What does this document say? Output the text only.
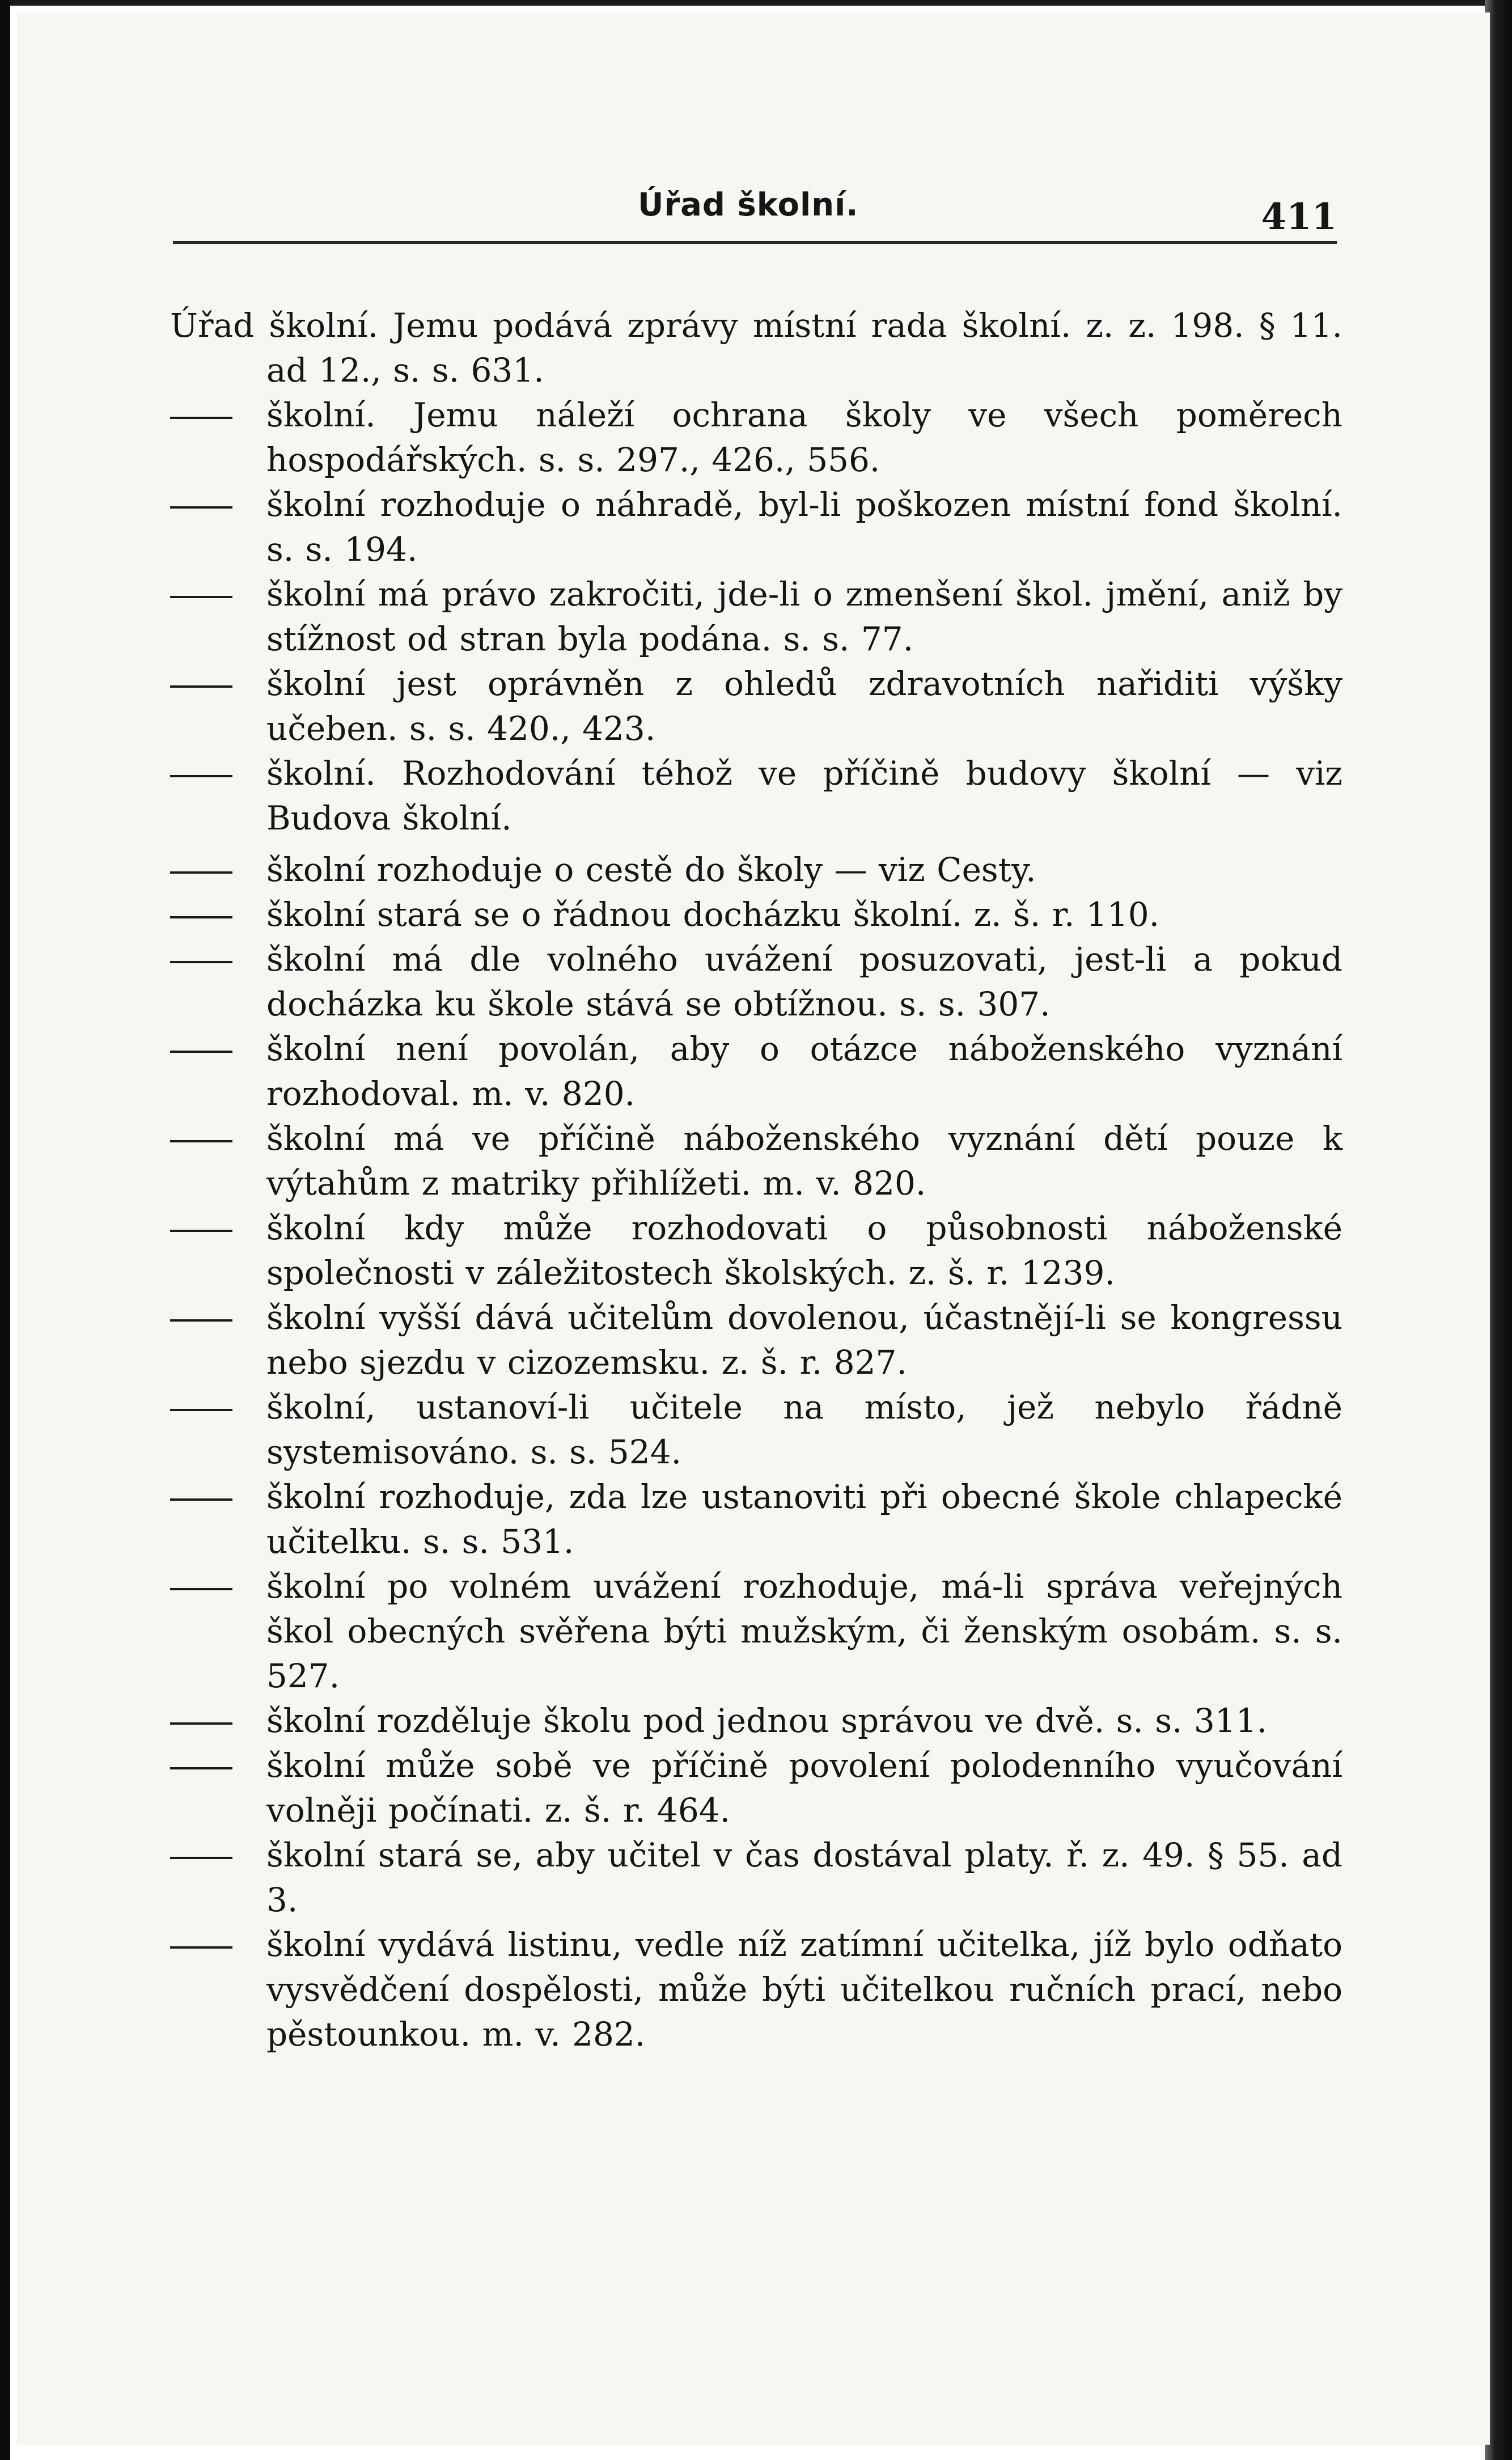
Úřad školní.	411
Úřad školní. Jemu podává zprávy místní rada školní. z. z. 198. § 11. ad 12., s. s. 631.
školní. Jemu náleží ochrana školy ve všech poměrech hospodářských. s. s. 297., 426., 556.
školní rozhoduje o náhradě, byl-li poškozen místní fond školní. s. s. 194.
školní má právo zakročiti, jde-li o zmenšení škol. jmění, aniž by stížnost od stran byla podána. s. s. 77.
školní jest oprávněn z ohledů zdravotních nařiditi výšky učeben. s. s. 420., 423.
školní. Rozhodování téhož ve příčině budovy školní — viz Budova školní.
školní rozhoduje o cestě do školy — viz Cesty.
školní stará se o řádnou docházku školní. z. š. r. 110.
školní má dle volného uvážení posuzovati, jest-li a pokud docházka ku škole stává se obtížnou. s. s. 307.
školní není povolán, aby o otázce náboženského vyznání rozhodoval. m. v. 820.
školní má ve příčině náboženského vyznání dětí pouze k výtahům z matriky přihlížeti. m. v. 820.
školní kdy může rozhodovati o působnosti náboženské společnosti v záležitostech školských. z. š. r. 1239.
školní vyšší dává učitelům dovolenou, účastnějí-li se kongressu nebo sjezdu v cizozemsku. z. š. r. 827.
školní, ustanoví-li učitele na místo, jež nebylo řádně systemisováno. s. s. 524.
školní rozhoduje, zda lze ustanoviti při obecné škole chlapecké učitelku. s. s. 531.
školní po volném uvážení rozhoduje, má-li správa veřejných škol obecných svěřena býti mužským, či ženským osobám. s. s. 527.
školní rozděluje školu pod jednou správou ve dvě. s. s. 311.
školní může sobě ve příčině povolení polodenního vyučování volněji počínati. z. š. r. 464.
školní stará se, aby učitel v čas dostával platy. ř. z. 49. § 55. ad 3.
školní vydává listinu, vedle níž zatímní učitelka, jíž bylo odňato vysvědčení dospělosti, může býti učitelkou ručních prací, nebo pěstounkou. m. v. 282.
